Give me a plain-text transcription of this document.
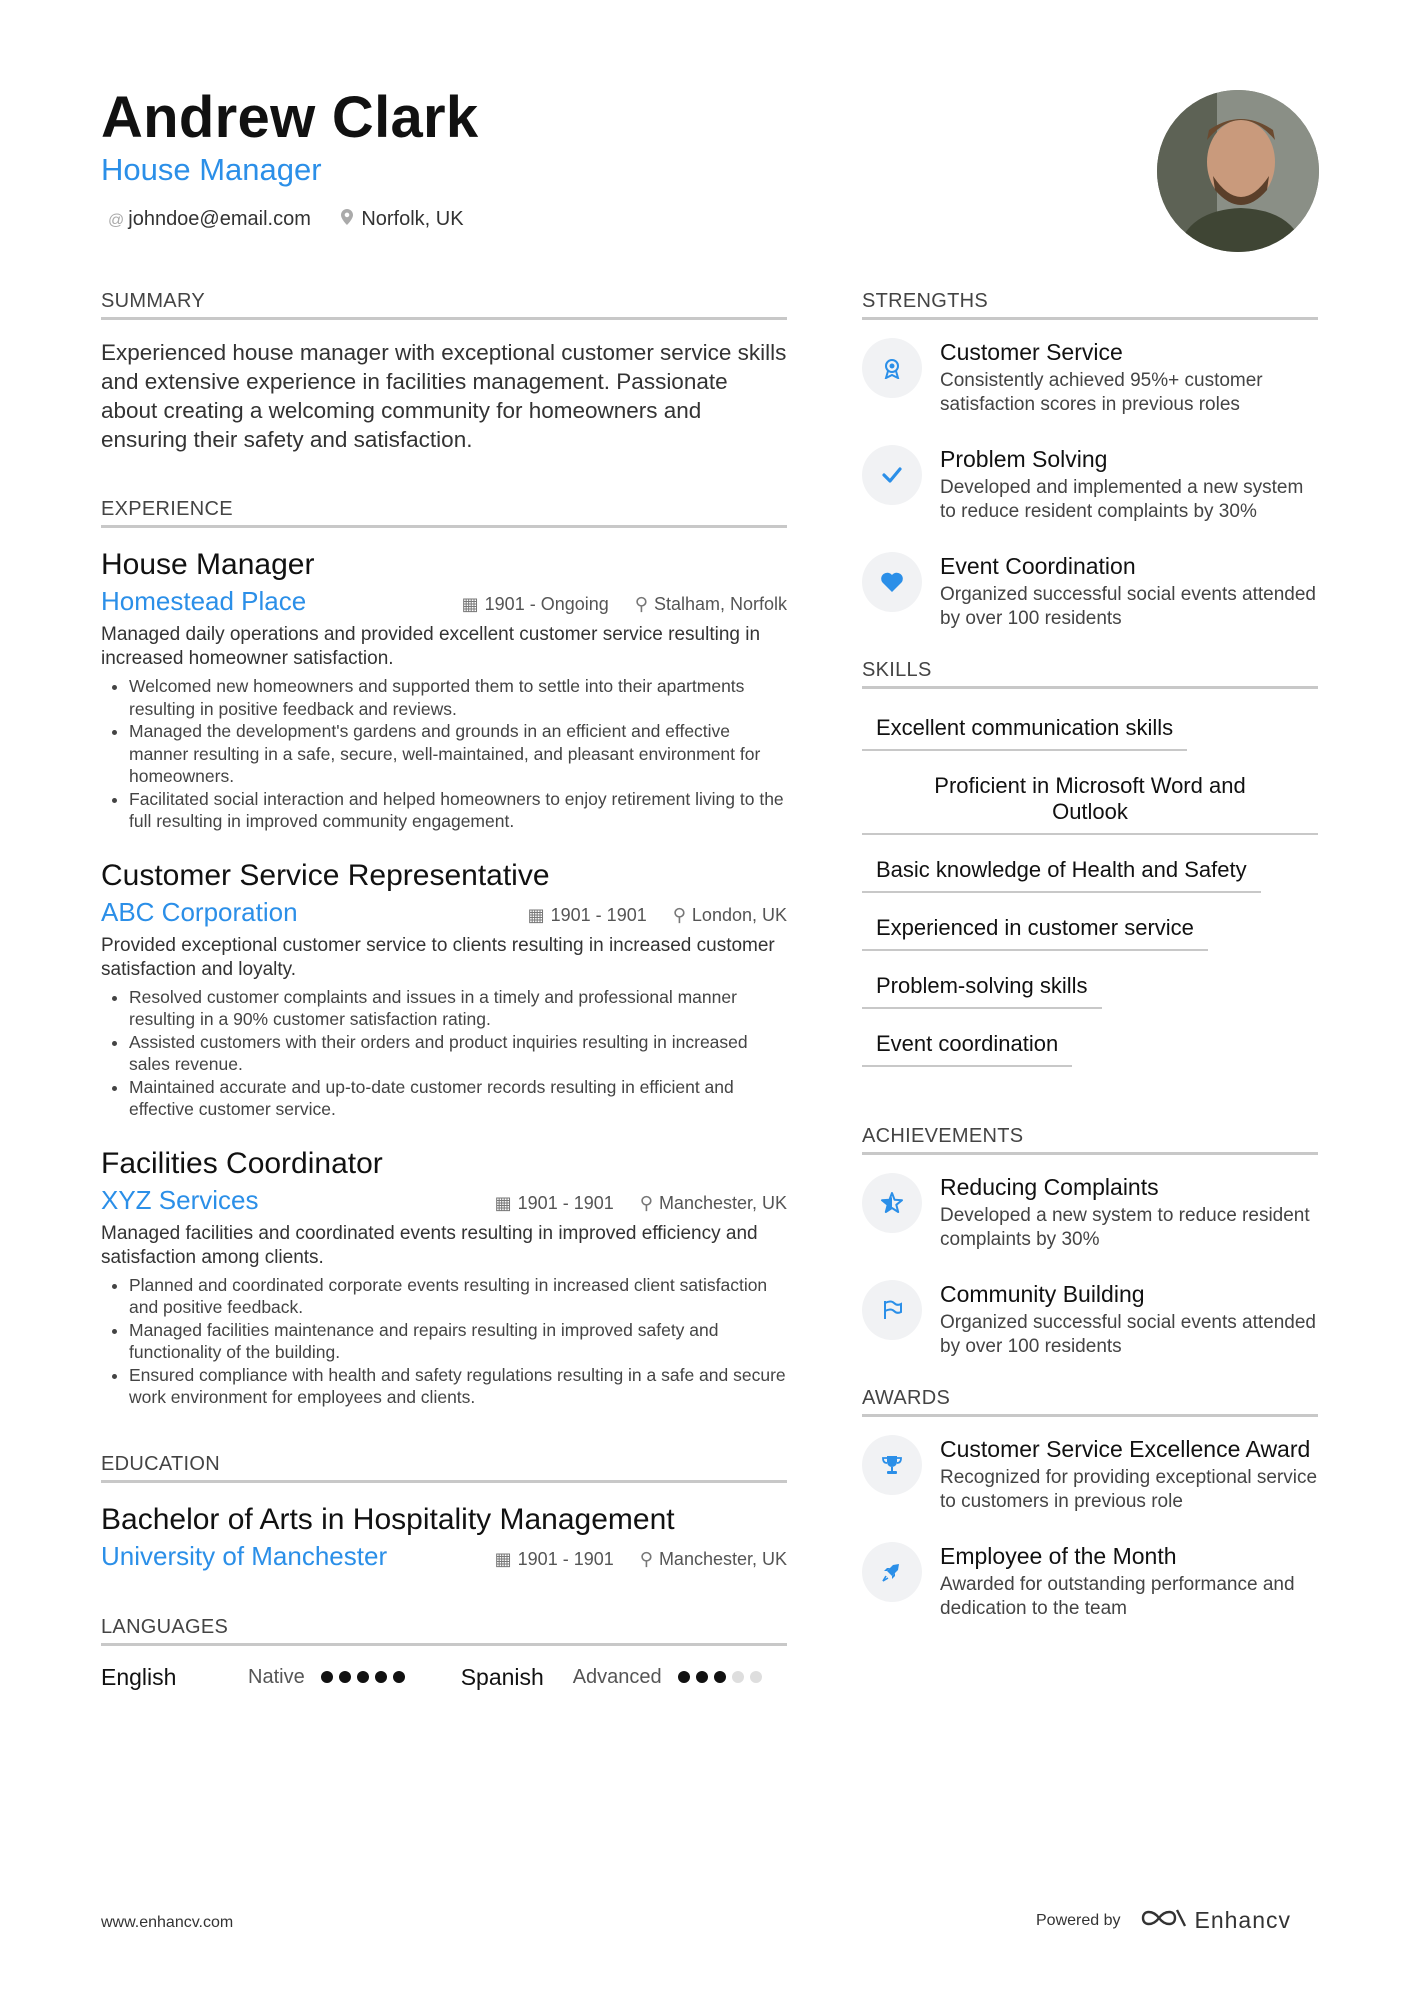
Andrew Clark
House Manager
@ johndoe@email.com	Norfolk, UK
SUMMARY
Experienced house manager with exceptional customer service skills and extensive experience in facilities management. Passionate about creating a welcoming community for homeowners and ensuring their safety and satisfaction.
EXPERIENCE
House Manager
Homestead Place	▦ 1901 - Ongoing ⚲ Stalham, Norfolk
Managed daily operations and provided excellent customer service resulting in increased homeowner satisfaction.
• Welcomed new homeowners and supported them to settle into their apartments resulting in positive feedback and reviews.
• Managed the development's gardens and grounds in an efficient and effective manner resulting in a safe, secure, well-maintained, and pleasant environment for homeowners.
• Facilitated social interaction and helped homeowners to enjoy retirement living to the full resulting in improved community engagement.
Customer Service Representative
ABC Corporation	▦ 1901 - 1901 ⚲ London, UK
Provided exceptional customer service to clients resulting in increased customer satisfaction and loyalty.
• Resolved customer complaints and issues in a timely and professional manner resulting in a 90% customer satisfaction rating.
• Assisted customers with their orders and product inquiries resulting in increased sales revenue.
• Maintained accurate and up-to-date customer records resulting in efficient and effective customer service.
Facilities Coordinator
XYZ Services	▦ 1901 - 1901 ⚲ Manchester, UK
Managed facilities and coordinated events resulting in improved efficiency and satisfaction among clients.
• Planned and coordinated corporate events resulting in increased client satisfaction and positive feedback.
• Managed facilities maintenance and repairs resulting in improved safety and functionality of the building.
• Ensured compliance with health and safety regulations resulting in a safe and secure work environment for employees and clients.
EDUCATION
Bachelor of Arts in Hospitality Management
University of Manchester	▦ 1901 - 1901 ⚲ Manchester, UK
LANGUAGES
English	Native	Spanish	Advanced
STRENGTHS
Customer Service
Consistently achieved 95%+ customer satisfaction scores in previous roles
Problem Solving
Developed and implemented a new system to reduce resident complaints by 30%
Event Coordination
Organized successful social events attended by over 100 residents
SKILLS
Excellent communication skills
Proficient in Microsoft Word and Outlook
Basic knowledge of Health and Safety
Experienced in customer service
Problem-solving skills
Event coordination
ACHIEVEMENTS
Reducing Complaints
Developed a new system to reduce resident complaints by 30%
Community Building
Organized successful social events attended by over 100 residents
AWARDS
Customer Service Excellence Award
Recognized for providing exceptional service to customers in previous role
Employee of the Month
Awarded for outstanding performance and dedication to the team
www.enhancv.com	Powered by	Enhancv
